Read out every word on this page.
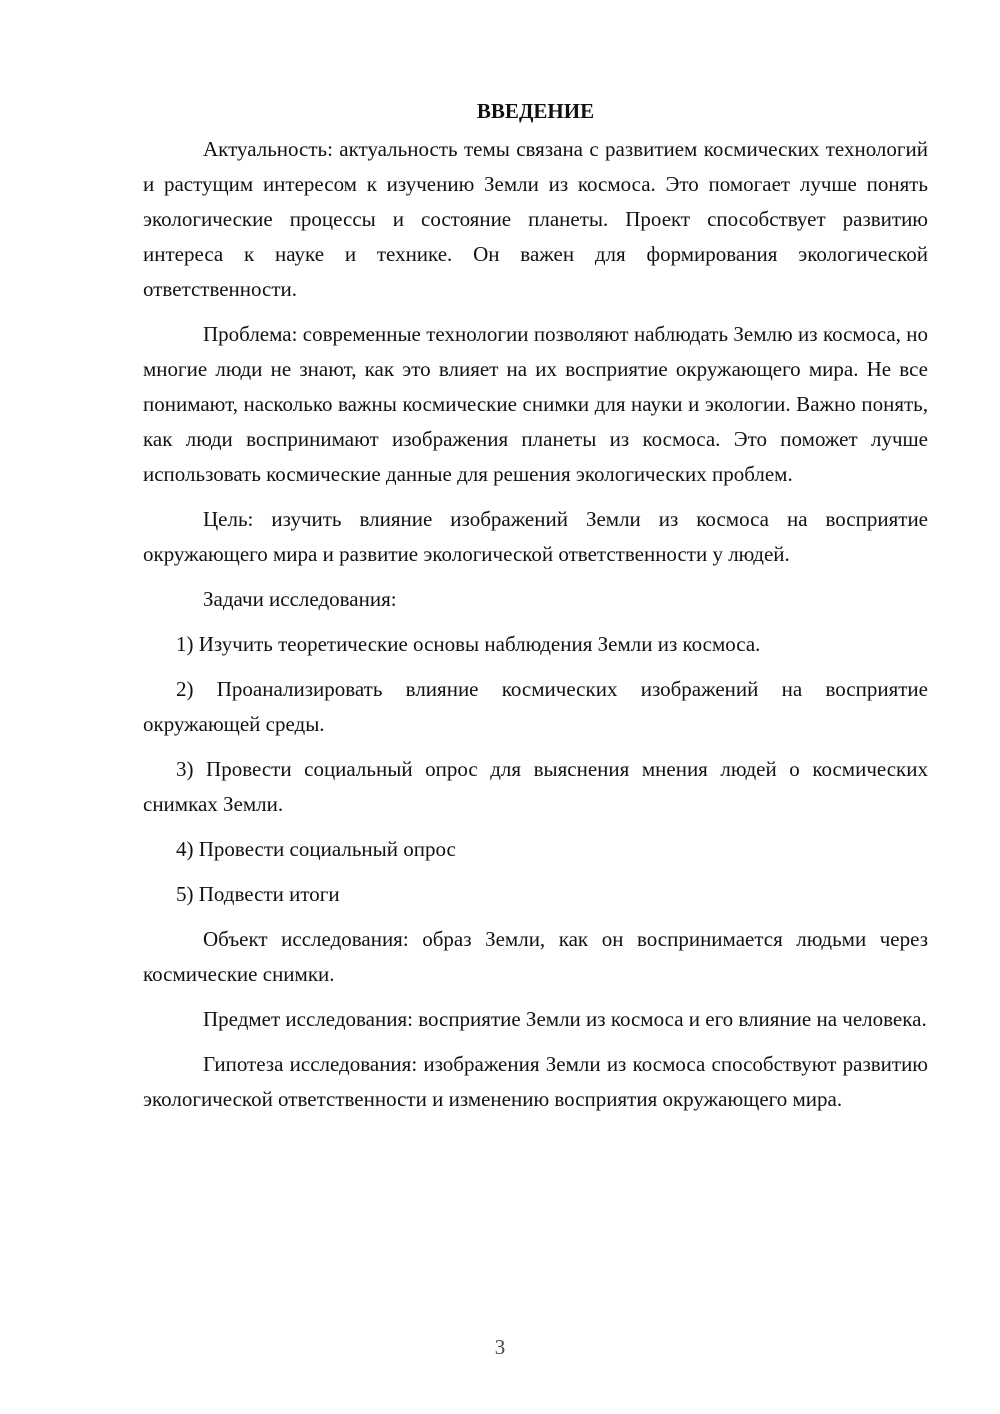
ВВЕДЕНИЕ

Актуальность: актуальность темы связана с развитием космических технологий и растущим интересом к изучению Земли из космоса. Это помогает лучше понять экологические процессы и состояние планеты. Проект способствует развитию интереса к науке и технике. Он важен для формирования экологической ответственности.

Проблема: современные технологии позволяют наблюдать Землю из космоса, но многие люди не знают, как это влияет на их восприятие окружающего мира. Не все понимают, насколько важны космические снимки для науки и экологии. Важно понять, как люди воспринимают изображения планеты из космоса. Это поможет лучше использовать космические данные для решения экологических проблем.

Цель: изучить влияние изображений Земли из космоса на восприятие окружающего мира и развитие экологической ответственности у людей.

Задачи исследования:

1) Изучить теоретические основы наблюдения Земли из космоса.

2) Проанализировать влияние космических изображений на восприятие окружающей среды.

3) Провести социальный опрос для выяснения мнения людей о космических снимках Земли.

4) Провести социальный опрос

5) Подвести итоги

Объект исследования: образ Земли, как он воспринимается людьми через космические снимки.

Предмет исследования: восприятие Земли из космоса и его влияние на человека.

Гипотеза исследования: изображения Земли из космоса способствуют развитию экологической ответственности и изменению восприятия окружающего мира.

3
